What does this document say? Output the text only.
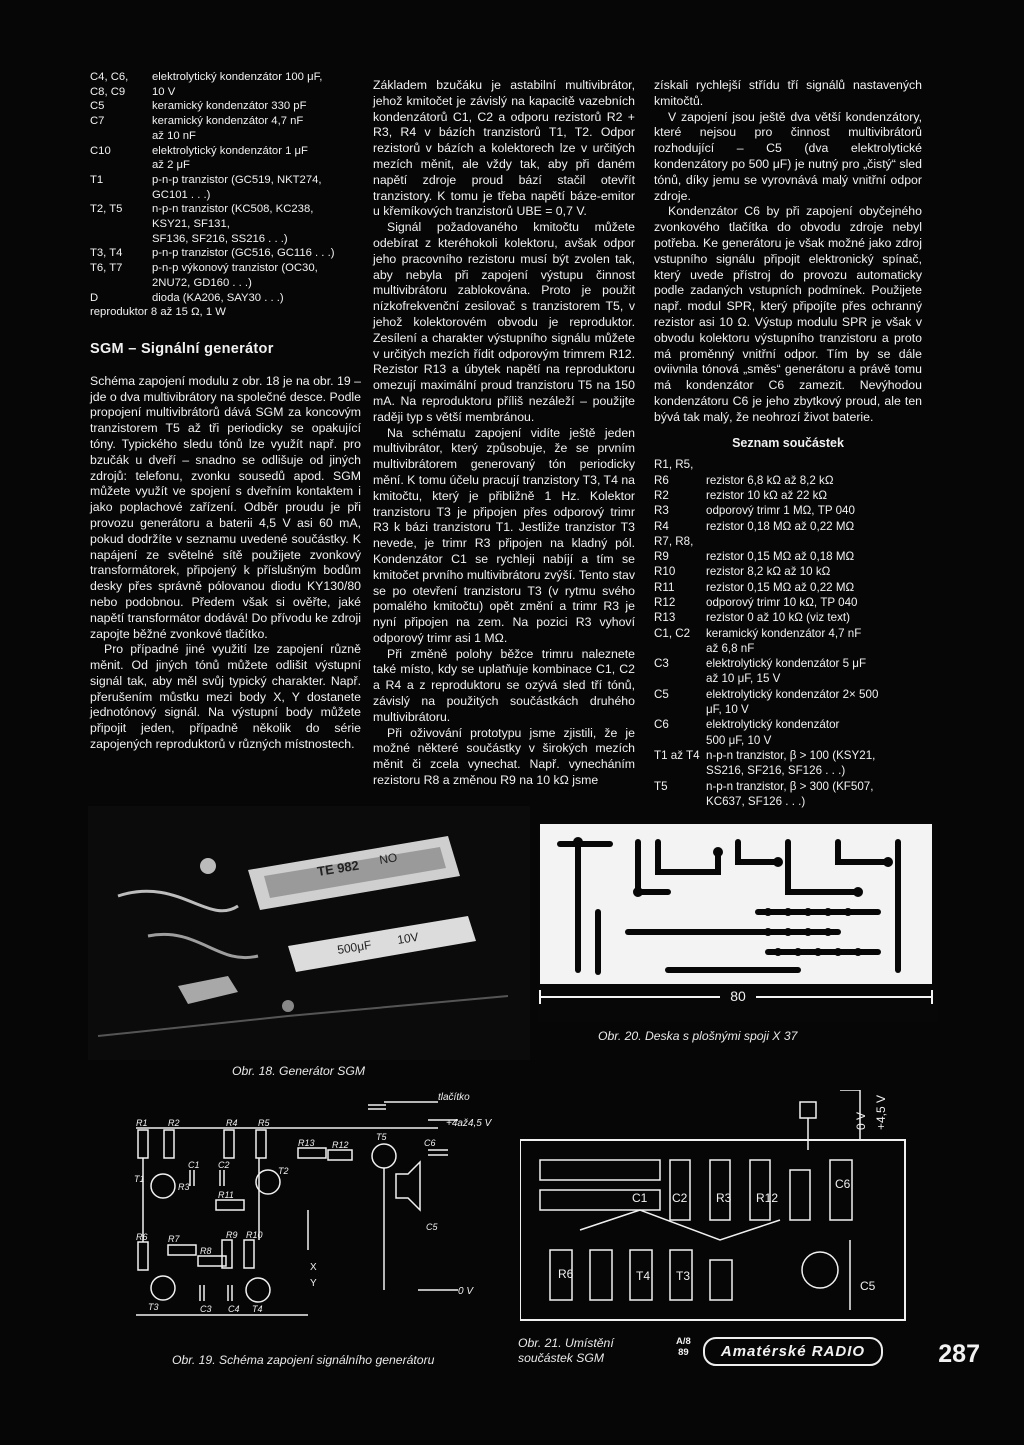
C4, C6,	elektrolytický kondenzátor 100 μF,
C8, C9	10 V
C5	keramický kondenzátor 330 pF
C7	keramický kondenzátor 4,7 nF
až 10 nF
C10	elektrolytický kondenzátor 1 μF
až 2 μF
T1	p-n-p tranzistor (GC519, NKT274,
GC101 . . .)
T2, T5	n-p-n tranzistor (KC508, KC238,
KSY21, SF131,
SF136, SF216, SS216 . . .)
T3, T4	p-n-p tranzistor (GC516, GC116 . . .)
T6, T7	p-n-p výkonový tranzistor (OC30,
2NU72, GD160 . . .)
D	dioda (KA206, SAY30 . . .)
reproduktor 8 až 15 Ω, 1 W
SGM – Signální generátor

Schéma zapojení modulu z obr. 18 je na obr. 19 – jde o dva multivibrátory na společné desce. Podle propojení multivibrátorů dává SGM za koncovým tranzistorem T5 až tři periodicky se opakující tóny. Typického sledu tónů lze využít např. pro bzučák u dveří – snadno se odlišuje od jiných zdrojů: telefonu, zvonku sousedů apod. SGM můžete využít ve spojení s dveřním kontaktem i jako poplachové zařízení. Odběr proudu je při provozu generátoru a baterii 4,5 V asi 60 mA, pokud dodržíte v seznamu uvedené součástky. K napájení ze světelné sítě použijete zvonkový transformátorek, připojený k příslušným bodům desky přes správně pólovanou diodu KY130/80 nebo podobnou. Předem však si ověřte, jaké napětí transformátor dodává! Do přívodu ke zdroji zapojte běžné zvonkové tlačítko.

Pro případné jiné využití lze zapojení různě měnit. Od jiných tónů můžete odlišit výstupní signál tak, aby měl svůj typický charakter. Např. přerušením můstku mezi body X, Y dostanete jednotónový signál. Na výstupní body můžete připojit jeden, případně několik do série zapojených reproduktorů v různých místnostech.

Základem bzučáku je astabilní multivibrátor, jehož kmitočet je závislý na kapacitě vazebních kondenzátorů C1, C2 a odporu rezistorů R2 + R3, R4 v bázích tranzistorů T1, T2. Odpor rezistorů v bázích a kolektorech lze v určitých mezích měnit, ale vždy tak, aby při daném napětí zdroje proud bází stačil otevřít tranzistory. K tomu je třeba napětí báze-emitor u křemíkových tranzistorů UBE = 0,7 V.

Signál požadovaného kmitočtu můžete odebírat z kteréhokoli kolektoru, avšak odpor jeho pracovního rezistoru musí být zvolen tak, aby nebyla při zapojení výstupu činnost multivibrátoru zablokována. Proto je použit nízkofrekvenční zesilovač s tranzistorem T5, v jehož kolektorovém obvodu je reproduktor. Zesílení a charakter výstupního signálu můžete v určitých mezích řídit odporovým trimrem R12. Rezistor R13 a úbytek napětí na reproduktoru omezují maximální proud tranzistoru T5 na 150 mA. Na reproduktoru příliš nezáleží – použijte raději typ s větší membránou.

Na schématu zapojení vidíte ještě jeden multivibrátor, který způsobuje, že se prvním multivibrátorem generovaný tón periodicky mění. K tomu účelu pracují tranzistory T3, T4 na kmitočtu, který je přibližně 1 Hz. Kolektor tranzistoru T3 je připojen přes odporový trimr R3 k bázi tranzistoru T1. Jestliže tranzistor T3 nevede, je trimr R3 připojen na kladný pól. Kondenzátor C1 se rychleji nabíjí a tím se kmitočet prvního multivibrátoru zvýší. Tento stav se po otevření tranzistoru T3 (v rytmu svého pomalého kmitočtu) opět změní a trimr R3 je nyní připojen na zem. Na pozici R3 vyhoví odporový trimr asi 1 MΩ.

Při změně polohy běžce trimru naleznete také místo, kdy se uplatňuje kombinace C1, C2 a R4 a z reproduktoru se ozývá sled tří tónů, závislý na použitých součástkách druhého multivibrátoru.

Při oživování prototypu jsme zjistili, že je možné některé součástky v širokých mezích měnit či zcela vynechat. Např. vynecháním rezistoru R8 a změnou R9 na 10 kΩ jsme

získali rychlejší střídu tří signálů nastavených kmitočtů.

V zapojení jsou ještě dva větší kondenzátory, které nejsou pro činnost multivibrátorů rozhodující – C5 (dva elektrolytické kondenzátory po 500 μF) je nutný pro „čistý“ sled tónů, díky jemu se vyrovnává malý vnitřní odpor zdroje.

Kondenzátor C6 by při zapojení obyčejného zvonkového tlačítka do obvodu zdroje nebyl potřeba. Ke generátoru je však možné jako zdroj vstupního signálu připojit elektronický spínač, který uvede přístroj do provozu automaticky podle zadaných vstupních podmínek. Použijete např. modul SPR, který připojíte přes ochranný rezistor asi 10 Ω. Výstup modulu SPR je však v obvodu kolektoru výstupního tranzistoru a proto má proměnný vnitřní odpor. Tím by se dále oviivnila tónová „směs“ generátoru a právě tomu má kondenzátor C6 zamezit. Nevýhodou kondenzátoru C6 je jeho zbytkový proud, ale ten bývá tak malý, že neohrozí život baterie.

Seznam součástek
R1, R5,
R6	rezistor 6,8 kΩ až 8,2 kΩ
R2	rezistor 10 kΩ až 22 kΩ
R3	odporový trimr 1 MΩ, TP 040
R4	rezistor 0,18 MΩ až 0,22 MΩ
R7, R8,
R9	rezistor 0,15 MΩ až 0,18 MΩ
R10	rezistor 8,2 kΩ až 10 kΩ
R11	rezistor 0,15 MΩ až 0,22 MΩ
R12	odporový trimr 10 kΩ, TP 040
R13	rezistor 0 až 10 kΩ (viz text)
C1, C2	keramický kondenzátor 4,7 nF
až 6,8 nF
C3	elektrolytický kondenzátor 5 μF
až 10 μF, 15 V
C5	elektrolytický kondenzátor 2× 500
μF, 10 V
C6	elektrolytický kondenzátor
500 μF, 10 V
T1 až T4 n-p-n tranzistor, β > 100 (KSY21,
SS216, SF216, SF126 . . .)
T5	n-p-n tranzistor, β > 300 (KF507,
KC637, SF126 . . .)
TE 982 NO
500μF 10V
Obr. 18. Generátor SGM
80
Obr. 20. Deska s plošnými spoji X 37
R1 R2	R4 R5
R13
T5
C6
C1 C2
T2
T1
R3
R11
C5
R6 R7	R9 R10
R8
T3	C3 C4 T4
R12
tlačítko
+4až4,5 V
0 V
X
Y
Obr. 19. Schéma zapojení signálního generátoru
0 V +4,5 V
C6
C5
R6
C1 C2 R3
T4 T3
R12
Obr. 21. Umístění součástek SGM
A/8
89 Amatérské RADIO	287
